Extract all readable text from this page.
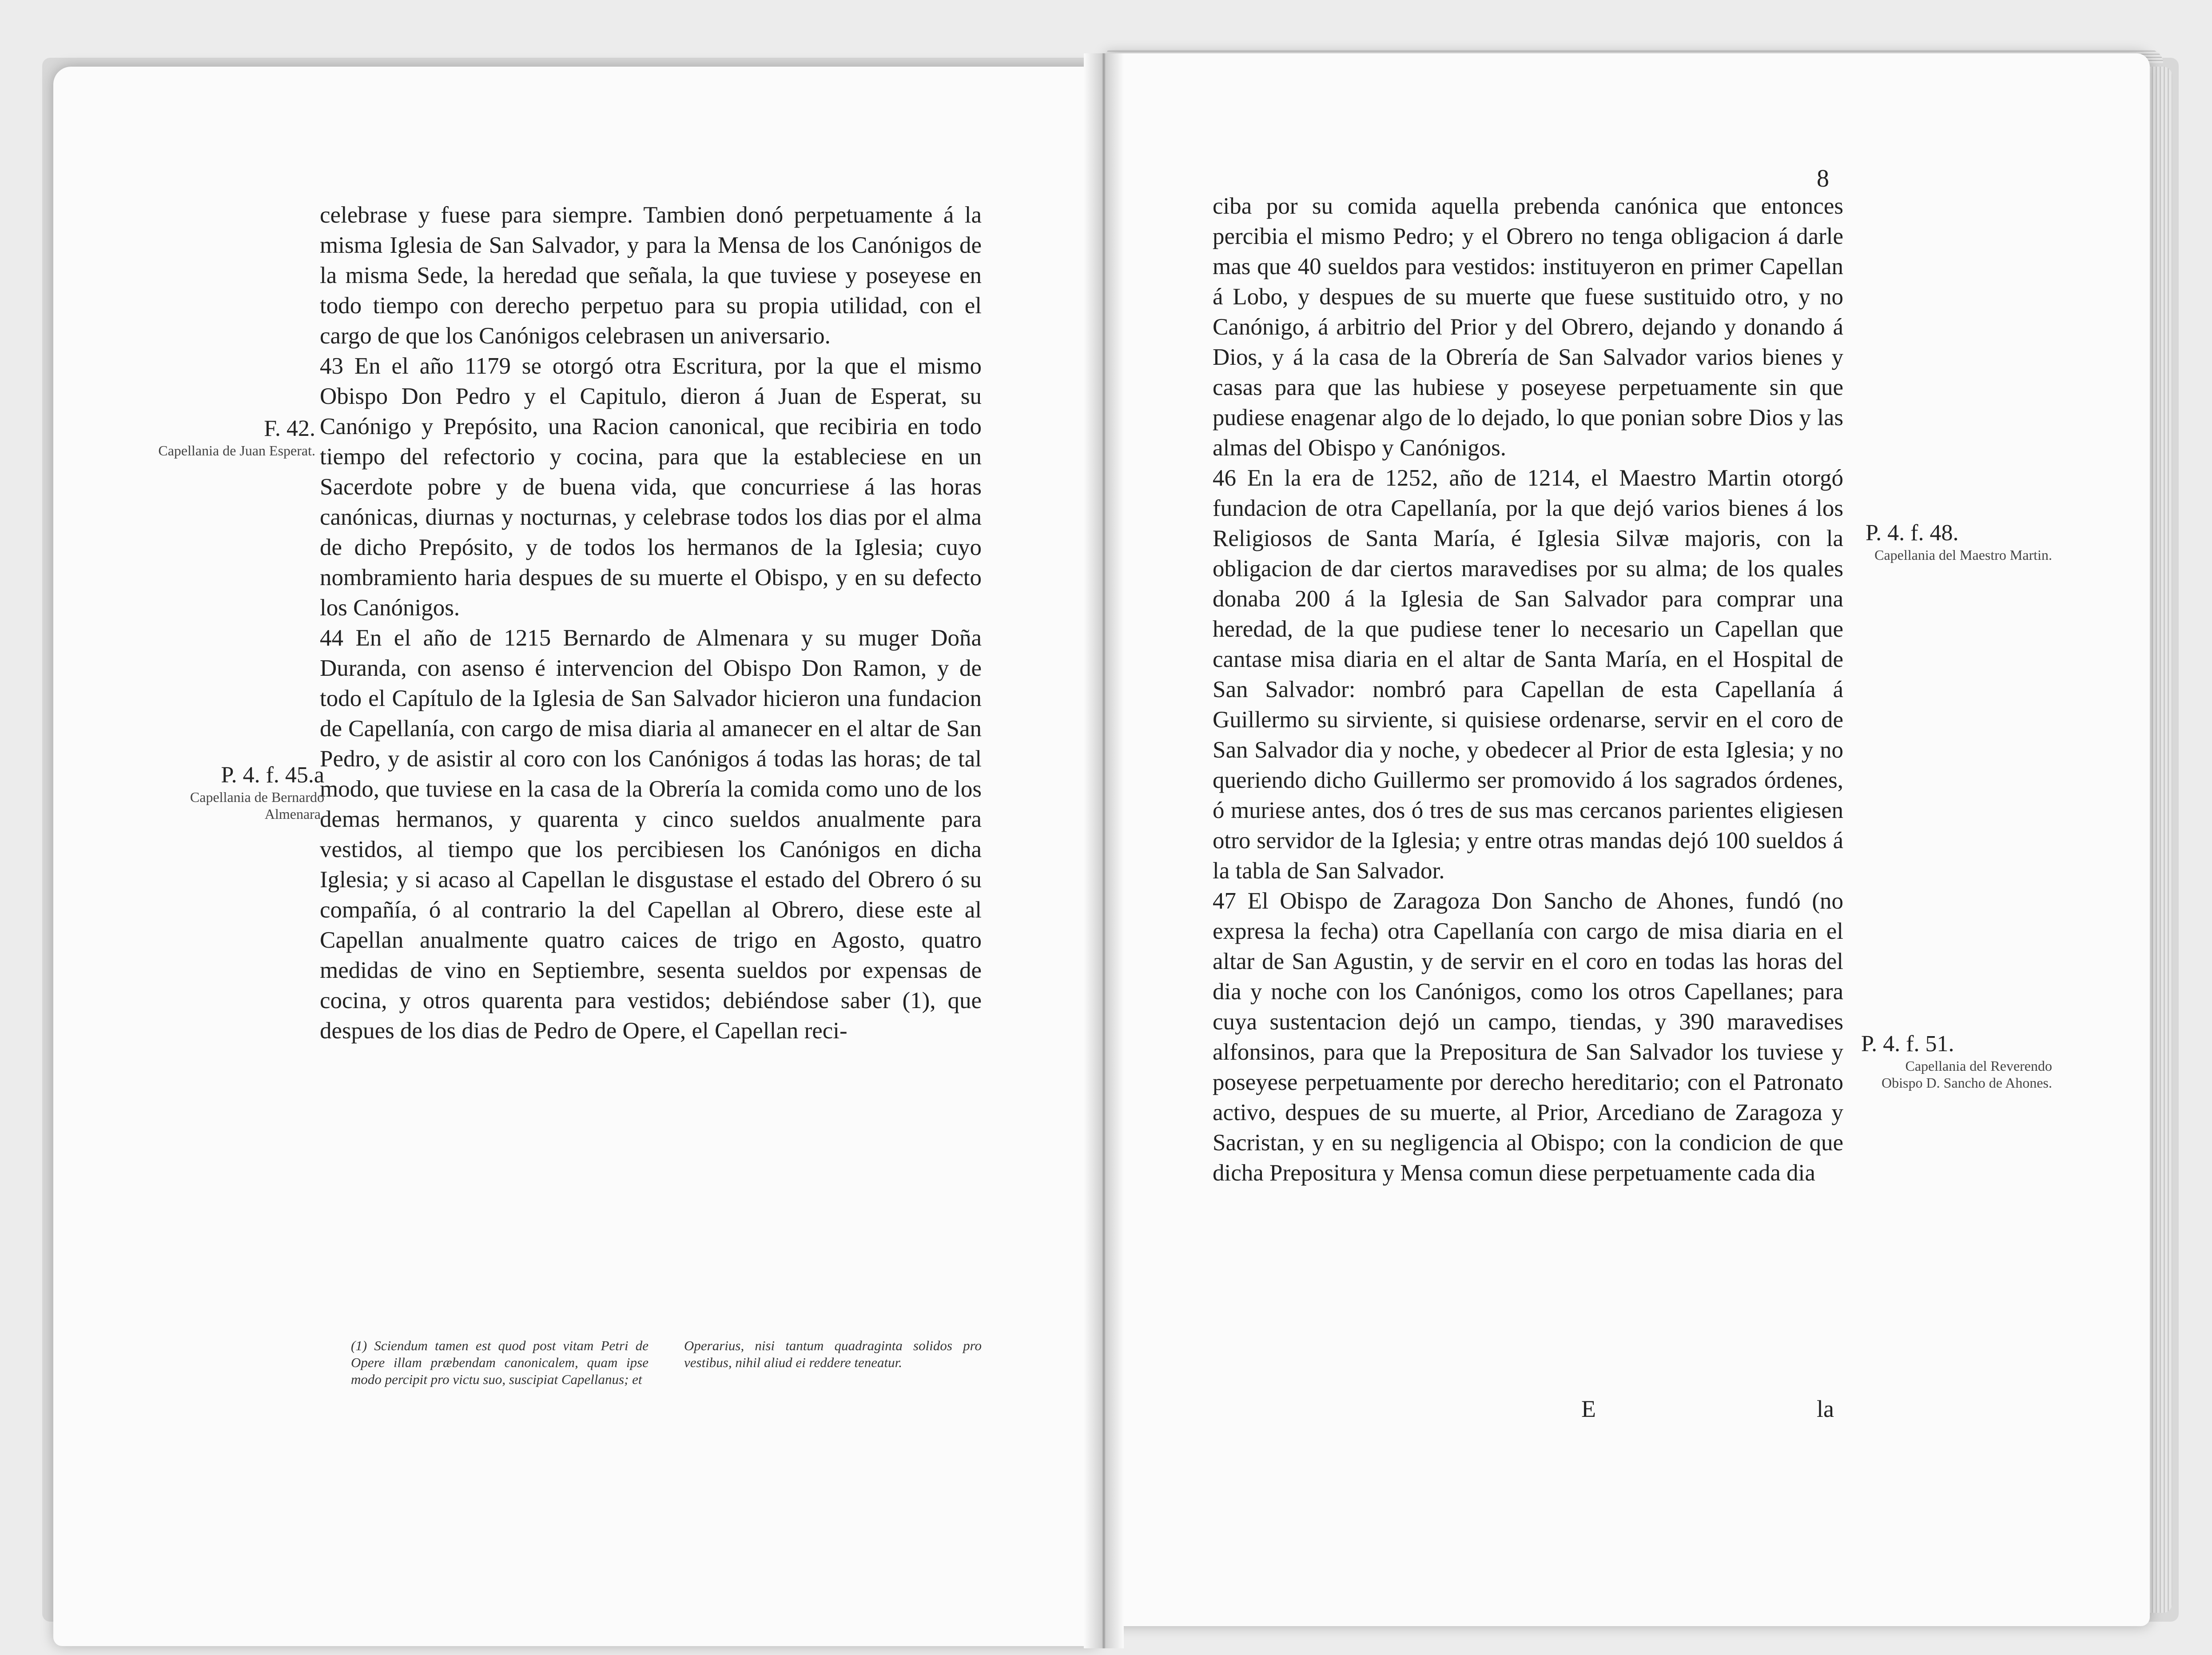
celebrase y fuese para siempre. Tambien donó perpetuamente á la misma Iglesia de San Salvador, y para la Mensa de los Canónigos de la misma Sede, la heredad que señala, la que tuviese y poseyese en todo tiempo con derecho perpetuo para su propia utilidad, con el cargo de que los Canónigos celebrasen un aniversario.

43 En el año 1179 se otorgó otra Escritura, por la que el mismo Obispo Don Pedro y el Capitulo, dieron á Juan de Esperat, su Canónigo y Prepósito, una Racion canonical, que recibiria en todo tiempo del refectorio y cocina, para que la estableciese en un Sacerdote pobre y de buena vida, que concurriese á las horas canónicas, diurnas y nocturnas, y celebrase todos los dias por el alma de dicho Prepósito, y de todos los hermanos de la Iglesia; cuyo nombramiento haria despues de su muerte el Obispo, y en su defecto los Canónigos.

44 En el año de 1215 Bernardo de Almenara y su muger Doña Duranda, con asenso é intervencion del Obispo Don Ramon, y de todo el Capítulo de la Iglesia de San Salvador hicieron una fundacion de Capellanía, con cargo de misa diaria al amanecer en el altar de San Pedro, y de asistir al coro con los Canónigos á todas las horas; de tal modo, que tuviese en la casa de la Obrería la comida como uno de los demas hermanos, y quarenta y cinco sueldos anualmente para vestidos, al tiempo que los percibiesen los Canónigos en dicha Iglesia; y si acaso al Capellan le disgustase el estado del Obrero ó su compañía, ó al contrario la del Capellan al Obrero, diese este al Capellan anualmente quatro caices de trigo en Agosto, quatro medidas de vino en Septiembre, sesenta sueldos por expensas de cocina, y otros quarenta para vestidos; debiéndose saber (1), que despues de los dias de Pedro de Opere, el Capellan reci-

F. 42.
Capellania de Juan Esperat.
P. 4. f. 45.a
Capellania de Bernardo Almenara.
(1) Sciendum tamen est quod post vitam Petri de Opere illam præbendam canonicalem, quam ipse modo percipit pro victu suo, suscipiat Capellanus; et
Operarius, nisi tantum quadraginta solidos pro vestibus, nihil aliud ei reddere teneatur.
8

ciba por su comida aquella prebenda canónica que entonces percibia el mismo Pedro; y el Obrero no tenga obligacion á darle mas que 40 sueldos para vestidos: instituyeron en primer Capellan á Lobo, y despues de su muerte que fuese sustituido otro, y no Canónigo, á arbitrio del Prior y del Obrero, dejando y donando á Dios, y á la casa de la Obrería de San Salvador varios bienes y casas para que las hubiese y poseyese perpetuamente sin que pudiese enagenar algo de lo dejado, lo que ponian sobre Dios y las almas del Obispo y Canónigos.

46 En la era de 1252, año de 1214, el Maestro Martin otorgó fundacion de otra Capellanía, por la que dejó varios bienes á los Religiosos de Santa María, é Iglesia Silvæ majoris, con la obligacion de dar ciertos maravedises por su alma; de los quales donaba 200 á la Iglesia de San Salvador para comprar una heredad, de la que pudiese tener lo necesario un Capellan que cantase misa diaria en el altar de Santa María, en el Hospital de San Salvador: nombró para Capellan de esta Capellanía á Guillermo su sirviente, si quisiese ordenarse, servir en el coro de San Salvador dia y noche, y obedecer al Prior de esta Iglesia; y no queriendo dicho Guillermo ser promovido á los sagrados órdenes, ó muriese antes, dos ó tres de sus mas cercanos parientes eligiesen otro servidor de la Iglesia; y entre otras mandas dejó 100 sueldos á la tabla de San Salvador.

47 El Obispo de Zaragoza Don Sancho de Ahones, fundó (no expresa la fecha) otra Capellanía con cargo de misa diaria en el altar de San Agustin, y de servir en el coro en todas las horas del dia y noche con los Canónigos, como los otros Capellanes; para cuya sustentacion dejó un campo, tiendas, y 390 maravedises alfonsinos, para que la Prepositura de San Salvador los tuviese y poseyese perpetuamente por derecho hereditario; con el Patronato activo, despues de su muerte, al Prior, Arcediano de Zaragoza y Sacristan, y en su negligencia al Obispo; con la condicion de que dicha Prepositura y Mensa comun diese perpetuamente cada dia

P. 4. f. 48.
Capellania del Maestro Martin.
P. 4. f. 51.
Capellania del Reverendo Obispo D. Sancho de Ahones.
E	la
